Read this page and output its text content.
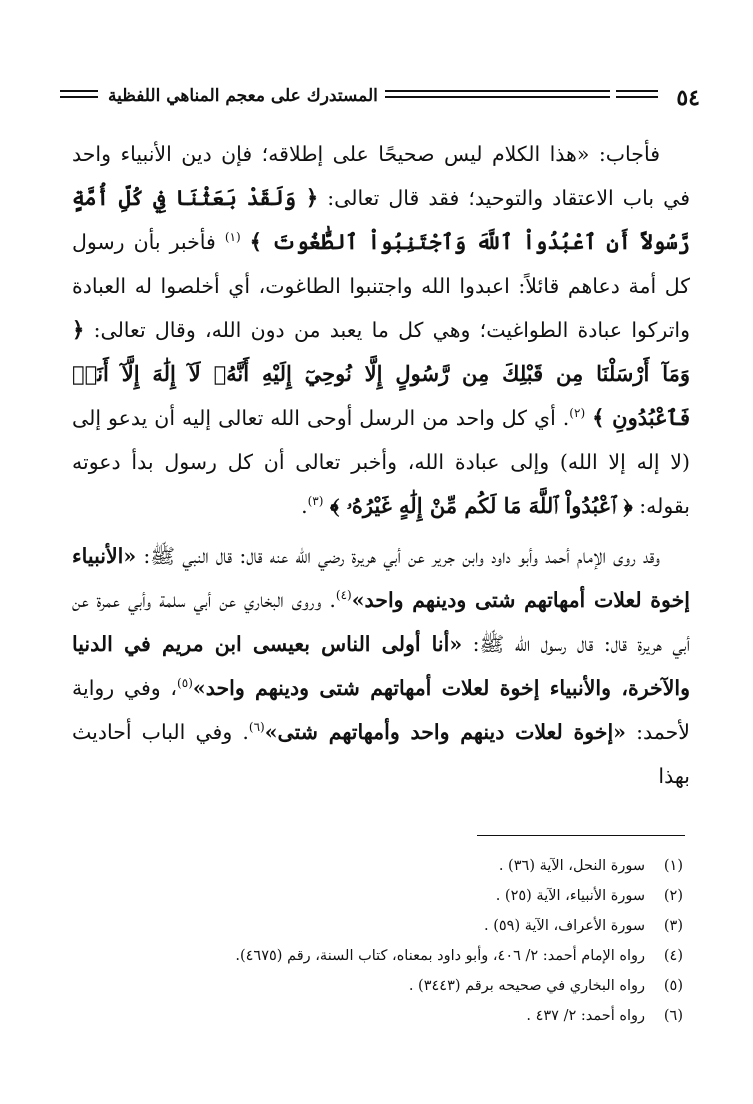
٥٤
المستدرك على معجم المناهي اللفظية

فأجاب: «هذا الكلام ليس صحيحًا على إطلاقه؛ فإن دين الأنبياء واحد في باب الاعتقاد والتوحيد؛ فقد قال تعالى: ﴿ وَلَقَدْ بَعَثْنَا فِي كُلِّ أُمَّةٍ رَّسُولاً أَنِ ٱعْبُدُواْ ٱللَّهَ وَٱجْتَنِبُواْ ٱلطَّٰغُوتَ ﴾ $^{(١)}$ فأخبر بأن رسول كل أمة دعاهم قائلاً: اعبدوا الله واجتنبوا الطاغوت، أي أخلصوا له العبادة واتركوا عبادة الطواغيت؛ وهي كل ما يعبد من دون الله، وقال تعالى: ﴿ وَمَآ أَرْسَلْنَا مِن قَبْلِكَ مِن رَّسُولٍ إِلَّا نُوحِيٓ إِلَيْهِ أَنَّهُۥ لَآ إِلَٰهَ إِلَّآ أَنَا۠ فَٱعْبُدُونِ ﴾ $^{(٢)}$. أي كل واحد من الرسل أوحى الله تعالى إليه أن يدعو إلى (لا إله إلا الله) وإلى عبادة الله، وأخبر تعالى أن كل رسول بدأ دعوته بقوله: ﴿ ٱعْبُدُواْ ٱللَّهَ مَا لَكُم مِّنْ إِلَٰهٍ غَيْرُهُۥ ﴾ $^{(٣)}$.

وقد روى الإمام أحمد وأبو داود وابن جرير عن أبي هريرة رضي الله عنه قال: قال النبي ﷺ: «الأنبياء إخوة لعلات أمهاتهم شتى ودينهم واحد»$^{(٤)}$. وروى البخاري عن أبي سلمة وأبي عمرة عن أبي هريرة قال: قال رسول الله ﷺ: «أنا أولى الناس بعيسى ابن مريم في الدنيا والآخرة، والأنبياء إخوة لعلات أمهاتهم شتى ودينهم واحد»$^{(٥)}$، وفي رواية لأحمد: «إخوة لعلات دينهم واحد وأمهاتهم شتى»$^{(٦)}$. وفي الباب أحاديث بهذا

(١)سورة النحل، الآية (٣٦) .
(٢)سورة الأنبياء، الآية (٢٥) .
(٣)سورة الأعراف، الآية (٥٩) .
(٤)رواه الإمام أحمد: ٢/ ٤٠٦، وأبو داود بمعناه، كتاب السنة، رقم (٤٦٧٥).
(٥)رواه البخاري في صحيحه برقم (٣٤٤٣) .
(٦)رواه أحمد: ٢/ ٤٣٧ .
